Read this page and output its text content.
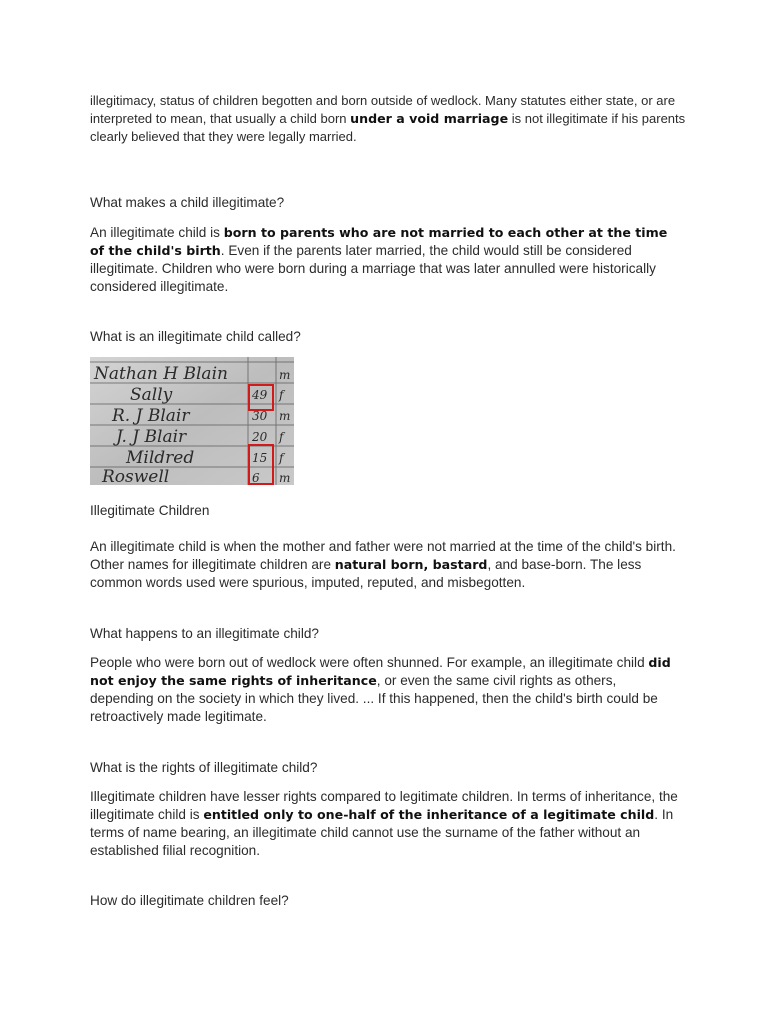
illegitimacy, status of children begotten and born outside of wedlock. Many statutes either state, or are interpreted to mean, that usually a child born under a void marriage is not illegitimate if his parents clearly believed that they were legally married.

What makes a child illegitimate?

An illegitimate child is born to parents who are not married to each other at the time of the child's birth. Even if the parents later married, the child would still be considered illegitimate. Children who were born during a marriage that was later annulled were historically considered illegitimate.

What is an illegitimate child called?

Illegitimate Children

An illegitimate child is when the mother and father were not married at the time of the child's birth. Other names for illegitimate children are natural born, bastard, and base-born. The less common words used were spurious, imputed, reputed, and misbegotten.

What happens to an illegitimate child?

People who were born out of wedlock were often shunned. For example, an illegitimate child did not enjoy the same rights of inheritance, or even the same civil rights as others, depending on the society in which they lived. ... If this happened, then the child's birth could be retroactively made legitimate.

What is the rights of illegitimate child?

Illegitimate children have lesser rights compared to legitimate children. In terms of inheritance, the illegitimate child is entitled only to one-half of the inheritance of a legitimate child. In terms of name bearing, an illegitimate child cannot use the surname of the father without an established filial recognition.

How do illegitimate children feel?

Nathan H Blain
Sally
R. J Blair
J. J Blair
Mildred
Roswell
49
30
20
15
6
m
f
m
f
f
m
